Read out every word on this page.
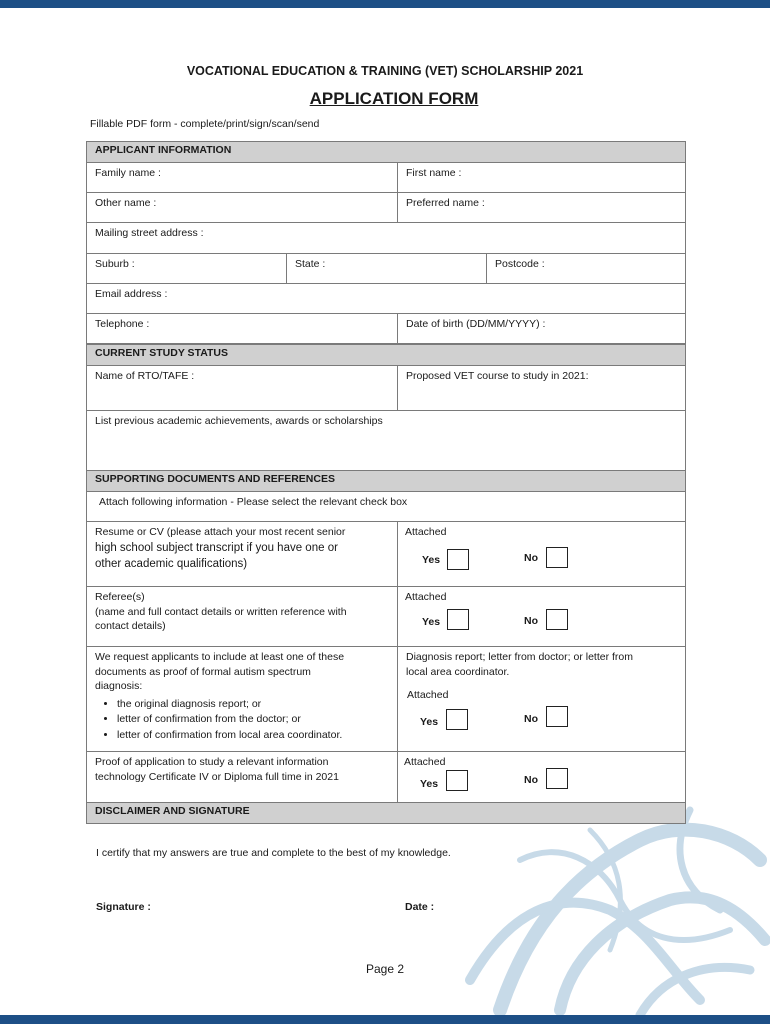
VOCATIONAL EDUCATION & TRAINING (VET) SCHOLARSHIP 2021
APPLICATION FORM
Fillable PDF form - complete/print/sign/scan/send
APPLICANT INFORMATION
Family name :	First name :
Other name :	Preferred name :
Mailing street address :
Suburb :	State :	Postcode :
Email address :
Telephone :	Date of birth (DD/MM/YYYY) :
CURRENT STUDY STATUS
Name of RTO/TAFE :	Proposed VET course to study in 2021:
List previous academic achievements, awards or scholarships
SUPPORTING DOCUMENTS AND REFERENCES
Attach following information - Please select the relevant check box
Resume or CV (please attach your most recent senior
high school subject transcript if you have one or
other academic qualifications)
Attached
Yes	No
Referee(s)
(name and full contact details or written reference with
contact details)
Attached
Yes	No
We request applicants to include at least one of these
documents as proof of formal autism spectrum
diagnosis:
• the original diagnosis report; or
• letter of confirmation from the doctor; or
• letter of confirmation from local area coordinator.
Diagnosis report; letter from doctor; or letter from
local area coordinator.
Attached
Yes	No
Proof of application to study a relevant information
technology Certificate IV or Diploma full time in 2021
Attached
Yes	No
DISCLAIMER AND SIGNATURE
I certify that my answers are true and complete to the best of my knowledge.
Signature :	Date :
Page 2
